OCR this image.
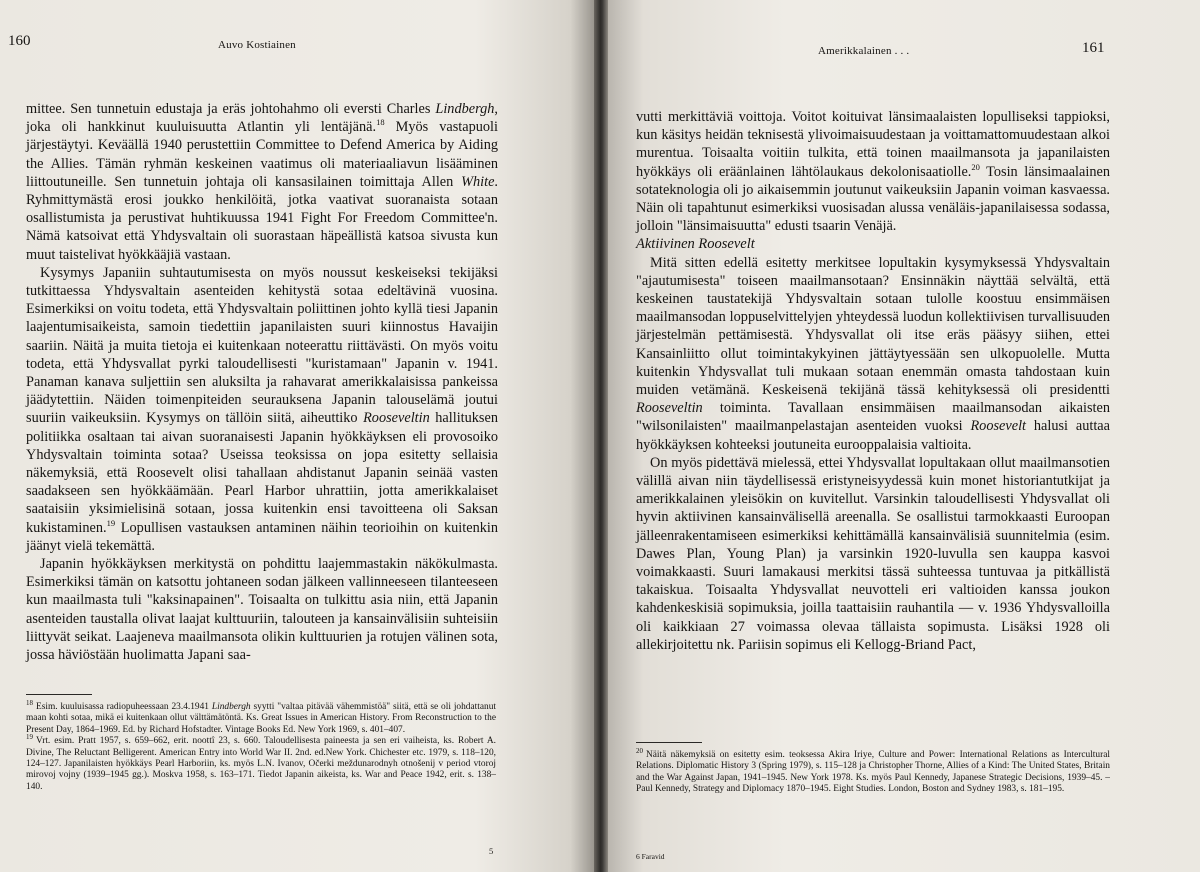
160	Auvo Kostiainen

mittee. Sen tunnetuin edustaja ja eräs johtohahmo oli eversti Charles Lindbergh, joka oli hankkinut kuuluisuutta Atlantin yli lentäjänä.$^{18}$ Myös vastapuoli järjestäytyi. Keväällä 1940 perustettiin Committee to Defend America by Aiding the Allies. Tämän ryhmän keskeinen vaatimus oli materiaaliavun lisääminen liittoutuneille. Sen tunnetuin johtaja oli kansasilainen toimittaja Allen White. Ryhmittymästä erosi joukko henkilöitä, jotka vaativat suoranaista sotaan osallistumista ja perustivat huhtikuussa 1941 Fight For Freedom Committee'n. Nämä katsoivat että Yhdysvaltain oli suorastaan häpeällistä katsoa sivusta kun muut taistelivat hyökkääjiä vastaan.

Kysymys Japaniin suhtautumisesta on myös noussut keskeiseksi tekijäksi tutkittaessa Yhdysvaltain asenteiden kehitystä sotaa edeltävinä vuosina. Esimerkiksi on voitu todeta, että Yhdysvaltain poliittinen johto kyllä tiesi Japanin laajentumisaikeista, samoin tiedettiin japanilaisten suuri kiinnostus Havaijin saariin. Näitä ja muita tietoja ei kuitenkaan noteerattu riittävästi. On myös voitu todeta, että Yhdysvallat pyrki taloudellisesti "kuristamaan" Japanin v. 1941. Panaman kanava suljettiin sen aluksilta ja rahavarat amerikkalaisissa pankeissa jäädytettiin. Näiden toimenpiteiden seurauksena Japanin talouselämä joutui suuriin vaikeuksiin. Kysymys on tällöin siitä, aiheuttiko Rooseveltin hallituksen politiikka osaltaan tai aivan suoranaisesti Japanin hyökkäyksen eli provosoiko Yhdysvaltain toiminta sotaa? Useissa teoksissa on jopa esitetty sellaisia näkemyksiä, että Roosevelt olisi tahallaan ahdistanut Japanin seinää vasten saadakseen sen hyökkäämään. Pearl Harbor uhrattiin, jotta amerikkalaiset saataisiin yksimielisinä sotaan, jossa kuitenkin ensi tavoitteena oli Saksan kukistaminen.$^{19}$ Lopullisen vastauksen antaminen näihin teorioihin on kuitenkin jäänyt vielä tekemättä.

Japanin hyökkäyksen merkitystä on pohdittu laajemmastakin näkökulmasta. Esimerkiksi tämän on katsottu johtaneen sodan jälkeen vallinneeseen tilanteeseen kun maailmasta tuli "kaksinapainen". Toisaalta on tulkittu asia niin, että Japanin asenteiden taustalla olivat laajat kulttuuriin, talouteen ja kansainvälisiin suhteisiin liittyvät seikat. Laajeneva maailmansota olikin kulttuurien ja rotujen välinen sota, jossa häviöstään huolimatta Japani saa-

$^{18}$ Esim. kuuluisassa radiopuheessaan 23.4.1941 Lindbergh syytti "valtaa pitävää vähemmistöä" siitä, että se oli johdattanut maan kohti sotaa, mikä ei kuitenkaan ollut välttämätöntä. Ks. Great Issues in American History. From Reconstruction to the Present Day, 1864–1969. Ed. by Richard Hofstadter. Vintage Books Ed. New York 1969, s. 401–407.

$^{19}$ Vrt. esim. Pratt 1957, s. 659–662, erit. noottî 23, s. 660. Taloudellisesta paineesta ja sen eri vaiheista, ks. Robert A. Divine, The Reluctant Belligerent. American Entry into World War II. 2nd. ed.New York. Chichester etc. 1979, s. 118–120, 124–127. Japanilaisten hyökkäys Pearl Harboriin, ks. myös L.N. Ivanov, Očerki meždunarodnyh otnošenij v period vtoroj mirovoj vojny (1939–1945 gg.). Moskva 1958, s. 163–171. Tiedot Japanin aikeista, ks. War and Peace 1942, erit. s. 138–140.

5
Amerikkalainen . . .	161

vutti merkittäviä voittoja. Voitot koituivat länsimaalaisten lopulliseksi tappioksi, kun käsitys heidän teknisestä ylivoimaisuudestaan ja voittamattomuudestaan alkoi murentua. Toisaalta voitiin tulkita, että toinen maailmansota ja japanilaisten hyökkäys oli eräänlainen lähtölaukaus dekolonisaatiolle.$^{20}$ Tosin länsimaalainen sotateknologia oli jo aikaisemmin joutunut vaikeuksiin Japanin voiman kasvaessa. Näin oli tapahtunut esimerkiksi vuosisadan alussa venäläis-japanilaisessa sodassa, jolloin "länsimaisuutta" edusti tsaarin Venäjä.

Aktiivinen Roosevelt

Mitä sitten edellä esitetty merkitsee lopultakin kysymyksessä Yhdysvaltain "ajautumisesta" toiseen maailmansotaan? Ensinnäkin näyttää selvältä, että keskeinen taustatekijä Yhdysvaltain sotaan tulolle koostuu ensimmäisen maailmansodan loppuselvittelyjen yhteydessä luodun kollektiivisen turvallisuuden järjestelmän pettämisestä. Yhdysvallat oli itse eräs pääsyy siihen, ettei Kansainliitto ollut toimintakykyinen jättäytyessään sen ulkopuolelle. Mutta kuitenkin Yhdysvallat tuli mukaan sotaan enemmän omasta tahdostaan kuin muiden vetämänä. Keskeisenä tekijänä tässä kehityksessä oli presidentti Rooseveltin toiminta. Tavallaan ensimmäisen maailmansodan aikaisten "wilsonilaisten" maailmanpelastajan asenteiden vuoksi Roosevelt halusi auttaa hyökkäyksen kohteeksi joutuneita eurooppalaisia valtioita.

On myös pidettävä mielessä, ettei Yhdysvallat lopultakaan ollut maailmansotien välillä aivan niin täydellisessä eristyneisyydessä kuin monet historiantutkijat ja amerikkalainen yleisökin on kuvitellut. Varsinkin taloudellisesti Yhdysvallat oli hyvin aktiivinen kansainvälisellä areenalla. Se osallistui tarmokkaasti Euroopan jälleenrakentamiseen esimerkiksi kehittämällä kansainvälisiä suunnitelmia (esim. Dawes Plan, Young Plan) ja varsinkin 1920-luvulla sen kauppa kasvoi voimakkaasti. Suuri lamakausi merkitsi tässä suhteessa tuntuvaa ja pitkällistä takaiskua. Toisaalta Yhdysvallat neuvotteli eri valtioiden kanssa joukon kahdenkeskisiä sopimuksia, joilla taattaisiin rauhantila — v. 1936 Yhdysvalloilla oli kaikkiaan 27 voimassa olevaa tällaista sopimusta. Lisäksi 1928 oli allekirjoitettu nk. Pariisin sopimus eli Kellogg-Briand Pact,

$^{20}$ Näitä näkemyksiä on esitetty esim. teoksessa Akira Iriye, Culture and Power: International Relations as Intercultural Relations. Diplomatic History 3 (Spring 1979), s. 115–128 ja Christopher Thorne, Allies of a Kind: The United States, Britain and the War Against Japan, 1941–1945. New York 1978. Ks. myös Paul Kennedy, Japanese Strategic Decisions, 1939–45. – Paul Kennedy, Strategy and Diplomacy 1870–1945. Eight Studies. London, Boston and Sydney 1983, s. 181–195.

6 Faravid
